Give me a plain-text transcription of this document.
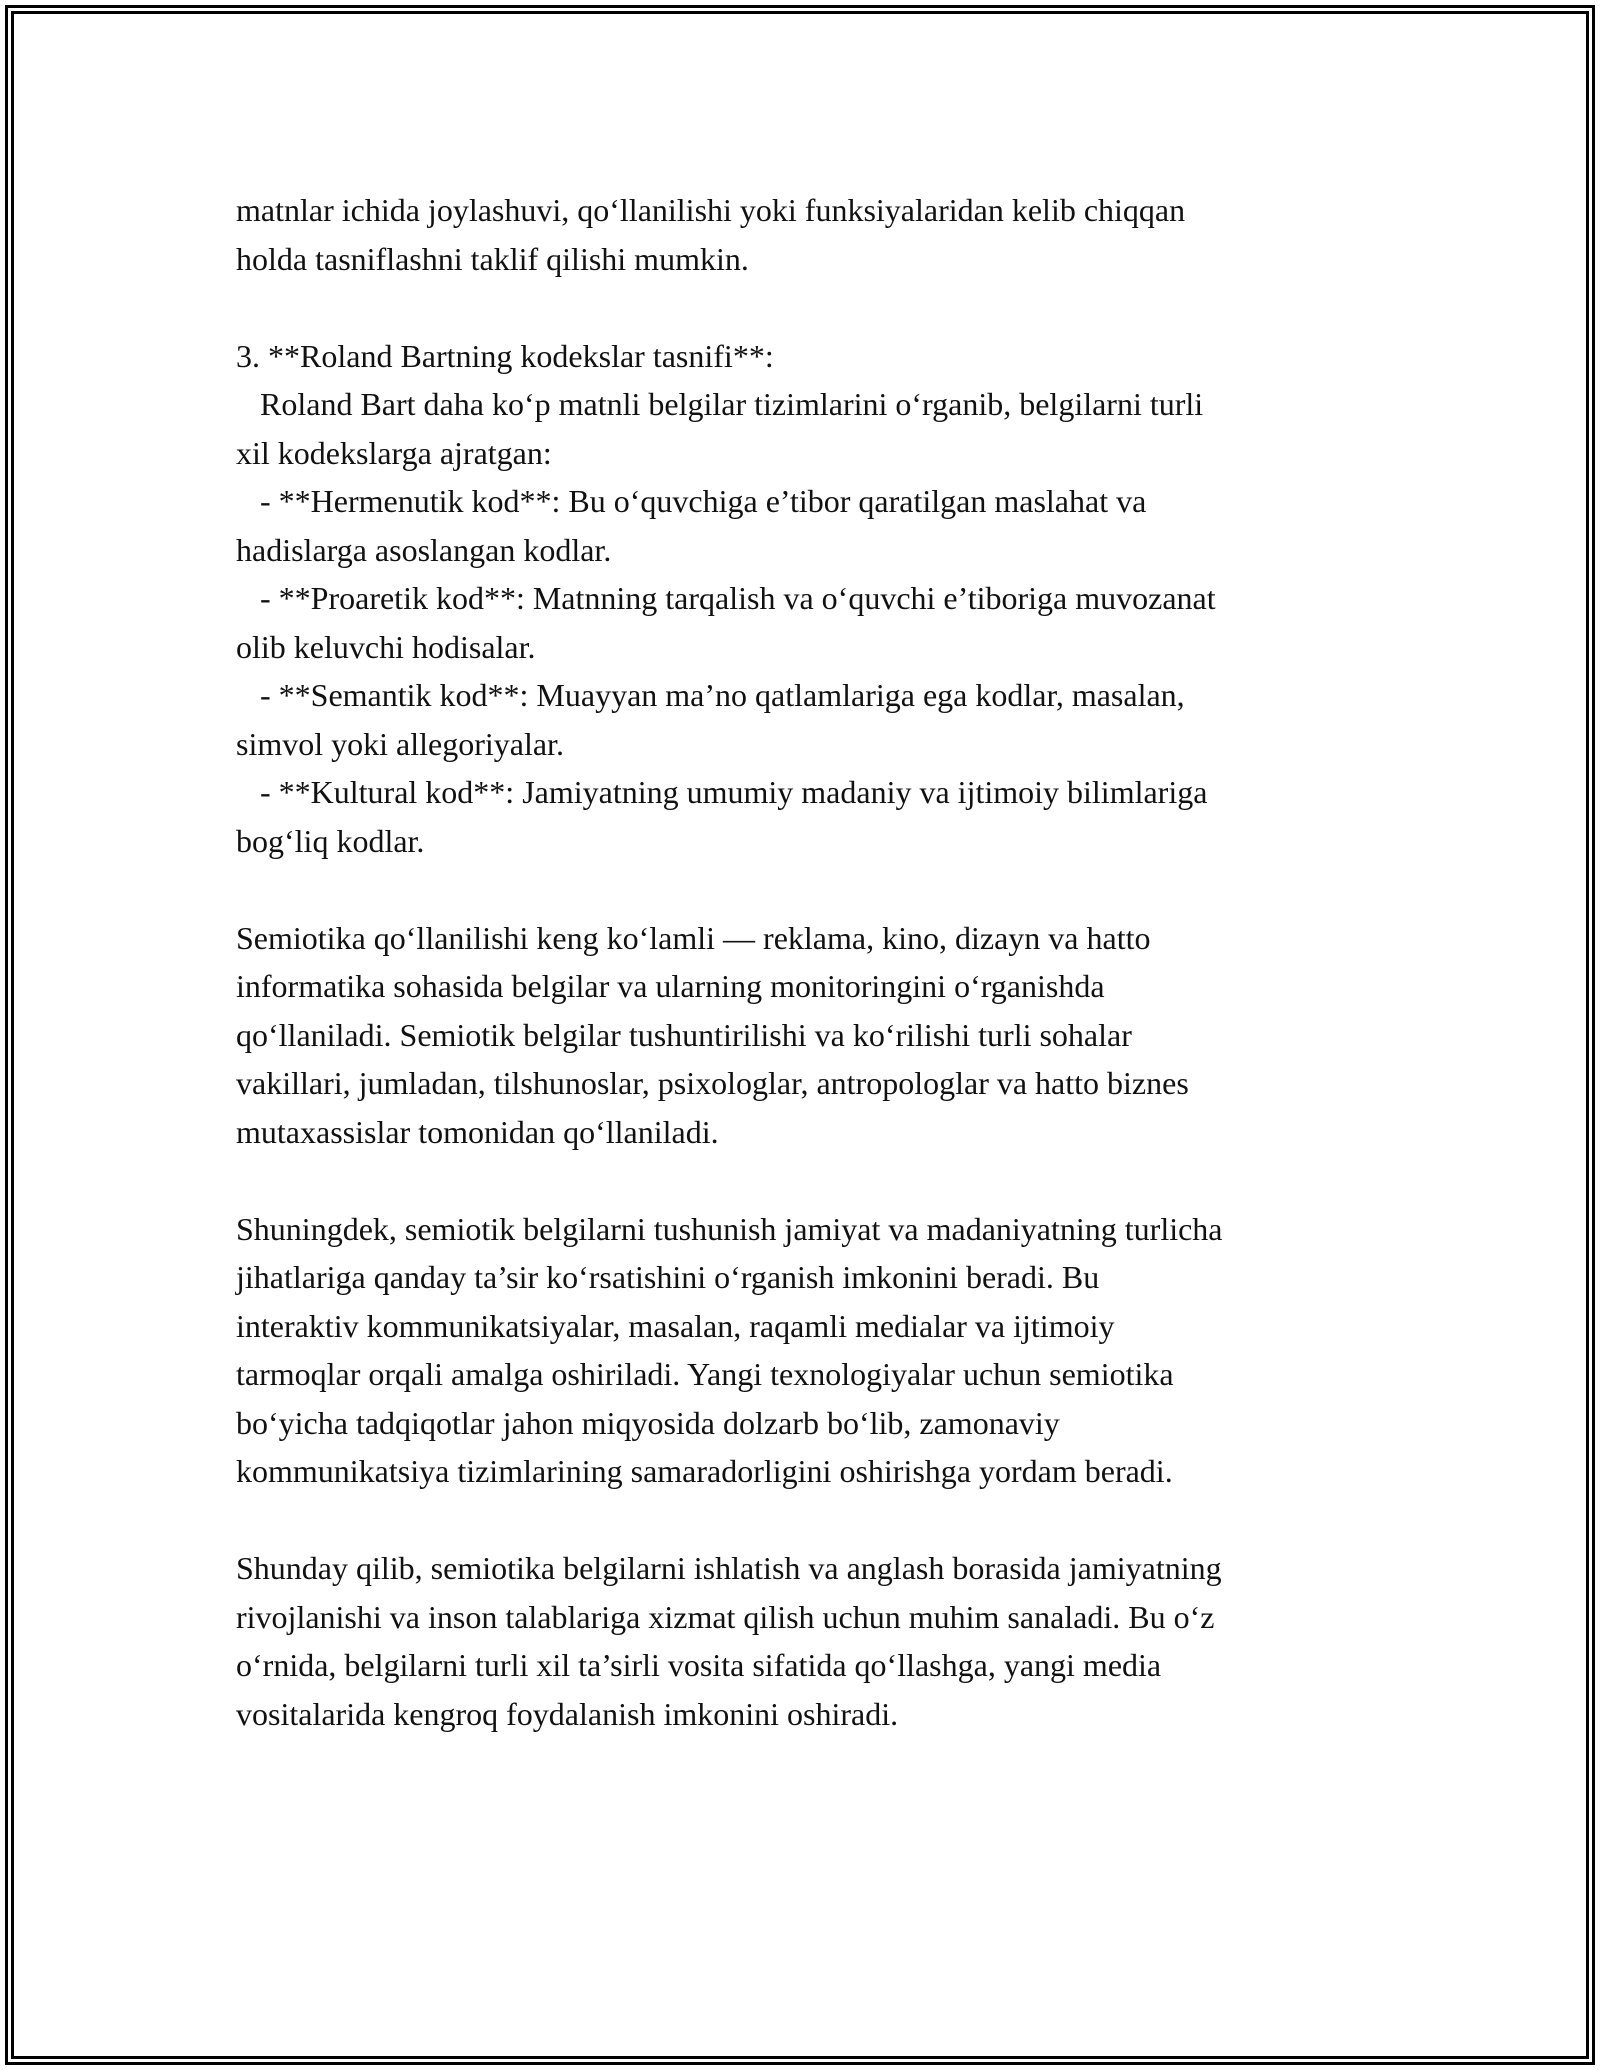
matnlar ichida joylashuvi, qo‘llanilishi yoki funksiyalaridan kelib chiqqan
holda tasniflashni taklif qilishi mumkin.
3. **Roland Bartning kodekslar tasnifi**:
Roland Bart daha ko‘p matnli belgilar tizimlarini o‘rganib, belgilarni turli
xil kodekslarga ajratgan:
- **Hermenutik kod**: Bu o‘quvchiga e’tibor qaratilgan maslahat va
hadislarga asoslangan kodlar.
- **Proaretik kod**: Matnning tarqalish va o‘quvchi e’tiboriga muvozanat
olib keluvchi hodisalar.
- **Semantik kod**: Muayyan ma’no qatlamlariga ega kodlar, masalan,
simvol yoki allegoriyalar.
- **Kultural kod**: Jamiyatning umumiy madaniy va ijtimoiy bilimlariga
bog‘liq kodlar.
Semiotika qo‘llanilishi keng ko‘lamli — reklama, kino, dizayn va hatto
informatika sohasida belgilar va ularning monitoringini o‘rganishda
qo‘llaniladi. Semiotik belgilar tushuntirilishi va ko‘rilishi turli sohalar
vakillari, jumladan, tilshunoslar, psixologlar, antropologlar va hatto biznes
mutaxassislar tomonidan qo‘llaniladi.
Shuningdek, semiotik belgilarni tushunish jamiyat va madaniyatning turlicha
jihatlariga qanday ta’sir ko‘rsatishini o‘rganish imkonini beradi. Bu
interaktiv kommunikatsiyalar, masalan, raqamli medialar va ijtimoiy
tarmoqlar orqali amalga oshiriladi. Yangi texnologiyalar uchun semiotika
bo‘yicha tadqiqotlar jahon miqyosida dolzarb bo‘lib, zamonaviy
kommunikatsiya tizimlarining samaradorligini oshirishga yordam beradi.
Shunday qilib, semiotika belgilarni ishlatish va anglash borasida jamiyatning
rivojlanishi va inson talablariga xizmat qilish uchun muhim sanaladi. Bu o‘z
o‘rnida, belgilarni turli xil ta’sirli vosita sifatida qo‘llashga, yangi media
vositalarida kengroq foydalanish imkonini oshiradi.
